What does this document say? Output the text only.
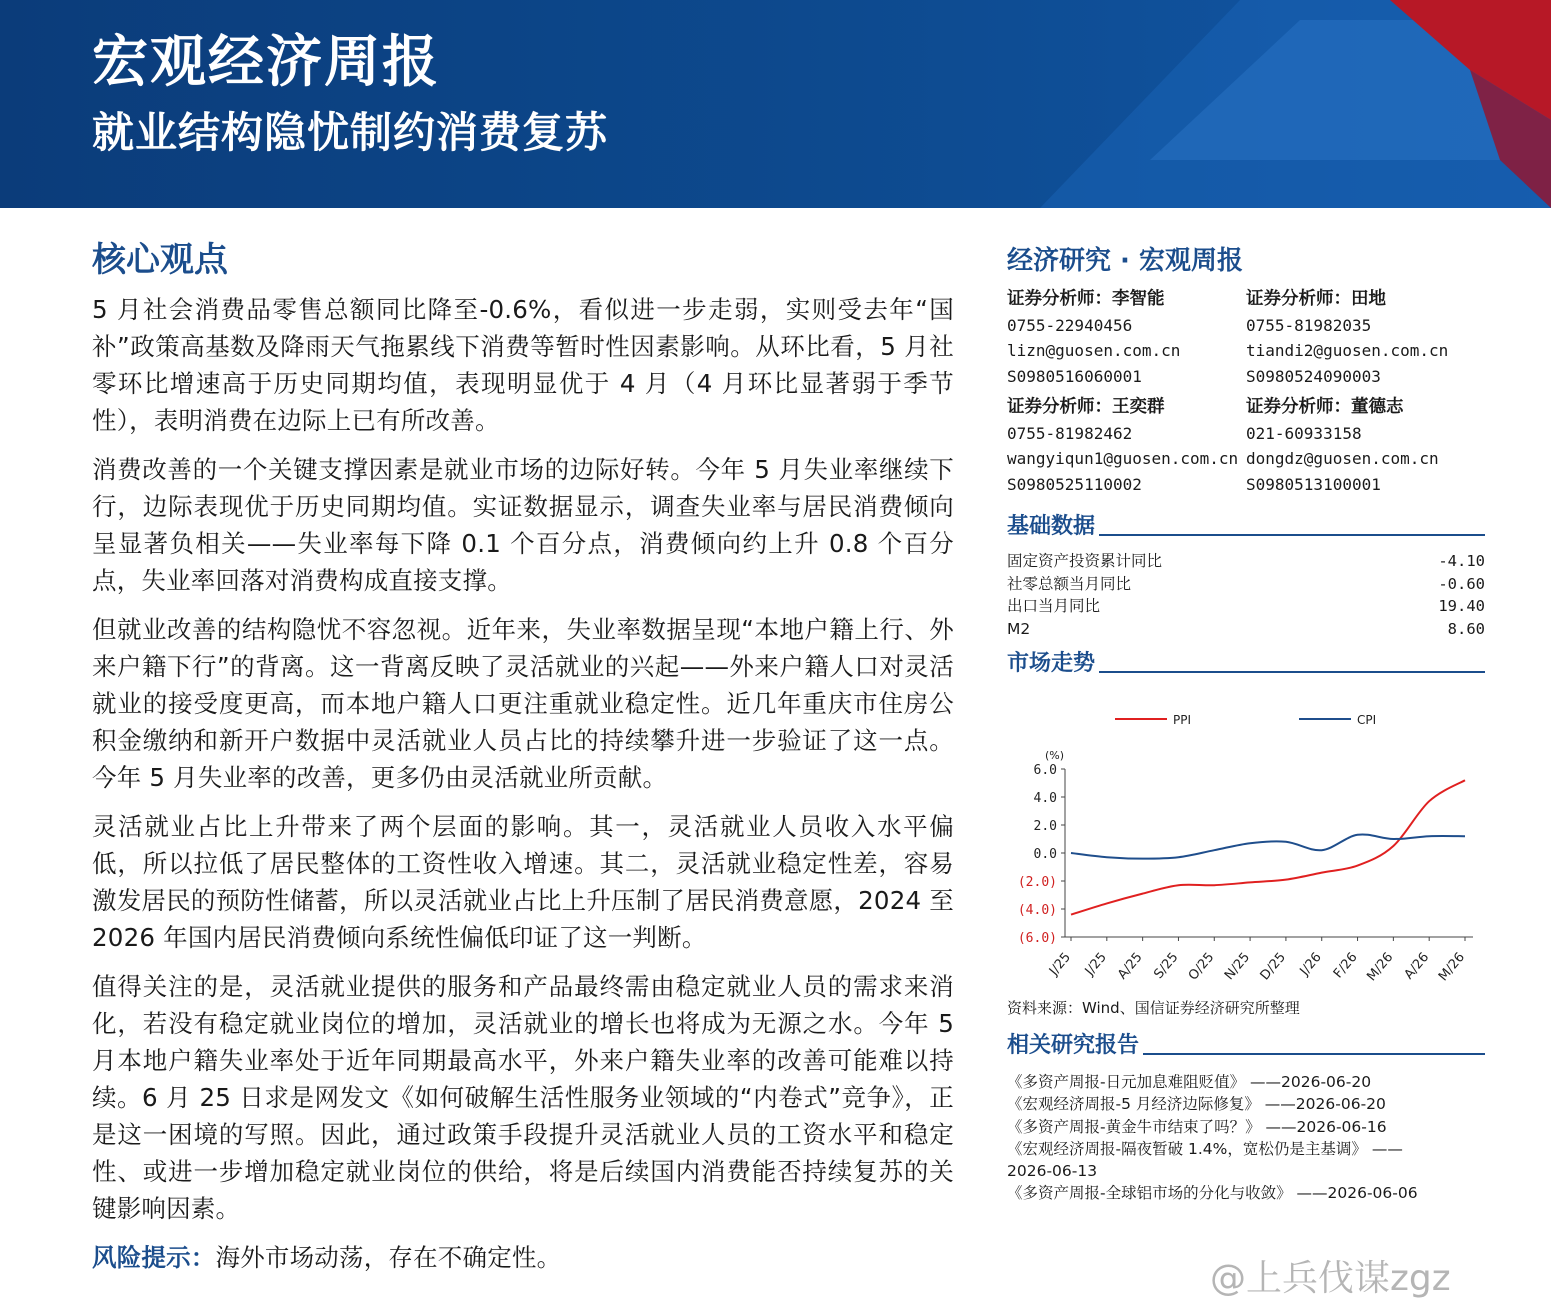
宏观经济周报
就业结构隐忧制约消费复苏
核心观点

5 月社会消费品零售总额同比降至-0.6%，看似进一步走弱，实则受去年“国补”政策高基数及降雨天气拖累线下消费等暂时性因素影响。从环比看，5 月社零环比增速高于历史同期均值，表现明显优于 4 月（4 月环比显著弱于季节性），表明消费在边际上已有所改善。

消费改善的一个关键支撑因素是就业市场的边际好转。今年 5 月失业率继续下行，边际表现优于历史同期均值。实证数据显示，调查失业率与居民消费倾向呈显著负相关——失业率每下降 0.1 个百分点，消费倾向约上升 0.8 个百分点，失业率回落对消费构成直接支撑。

但就业改善的结构隐忧不容忽视。近年来，失业率数据呈现“本地户籍上行、外来户籍下行”的背离。这一背离反映了灵活就业的兴起——外来户籍人口对灵活就业的接受度更高，而本地户籍人口更注重就业稳定性。近几年重庆市住房公积金缴纳和新开户数据中灵活就业人员占比的持续攀升进一步验证了这一点。今年 5 月失业率的改善，更多仍由灵活就业所贡献。

灵活就业占比上升带来了两个层面的影响。其一，灵活就业人员收入水平偏低，所以拉低了居民整体的工资性收入增速。其二，灵活就业稳定性差，容易激发居民的预防性储蓄，所以灵活就业占比上升压制了居民消费意愿，2024 至 2026 年国内居民消费倾向系统性偏低印证了这一判断。

值得关注的是，灵活就业提供的服务和产品最终需由稳定就业人员的需求来消化，若没有稳定就业岗位的增加，灵活就业的增长也将成为无源之水。今年 5 月本地户籍失业率处于近年同期最高水平，外来户籍失业率的改善可能难以持续。6 月 25 日求是网发文《如何破解生活性服务业领域的“内卷式”竞争》，正是这一困境的写照。因此，通过政策手段提升灵活就业人员的工资水平和稳定性、或进一步增加稳定就业岗位的供给，将是后续国内消费能否持续复苏的关键影响因素。

风险提示：海外市场动荡，存在不确定性。

经济研究 · 宏观周报
证券分析师：李智能
0755-22940456
lizn@guosen.com.cn
S0980516060001
证券分析师：田地
0755-81982035
tiandi2@guosen.com.cn
S0980524090003
证券分析师：王奕群
0755-81982462
wangyiqun1@guosen.com.cn
S0980525110002
证券分析师：董德志
021-60933158
dongdz@guosen.com.cn
S0980513100001
基础数据
固定资产投资累计同比	-4.10
社零总额当月同比	-0.60
出口当月同比	19.40
M2	8.60
市场走势
(%)
6.0
4.0
2.0
0.0
(2.0)
(4.0)
(6.0)
J/25 J/25 A/25 S/25 O/25 N/25 D/25 J/26 F/26 M/26 A/26 M/26
PPI	CPI
资料来源：Wind、国信证券经济研究所整理
相关研究报告
《多资产周报-日元加息难阻贬值》 ——2026-06-20
《宏观经济周报-5 月经济边际修复》 ——2026-06-20
《多资产周报-黄金牛市结束了吗？》 ——2026-06-16
《宏观经济周报-隔夜暂破 1.4%，宽松仍是主基调》 ——
2026-06-13
《多资产周报-全球铝市场的分化与收敛》 ——2026-06-06
@上兵伐谋zgz
